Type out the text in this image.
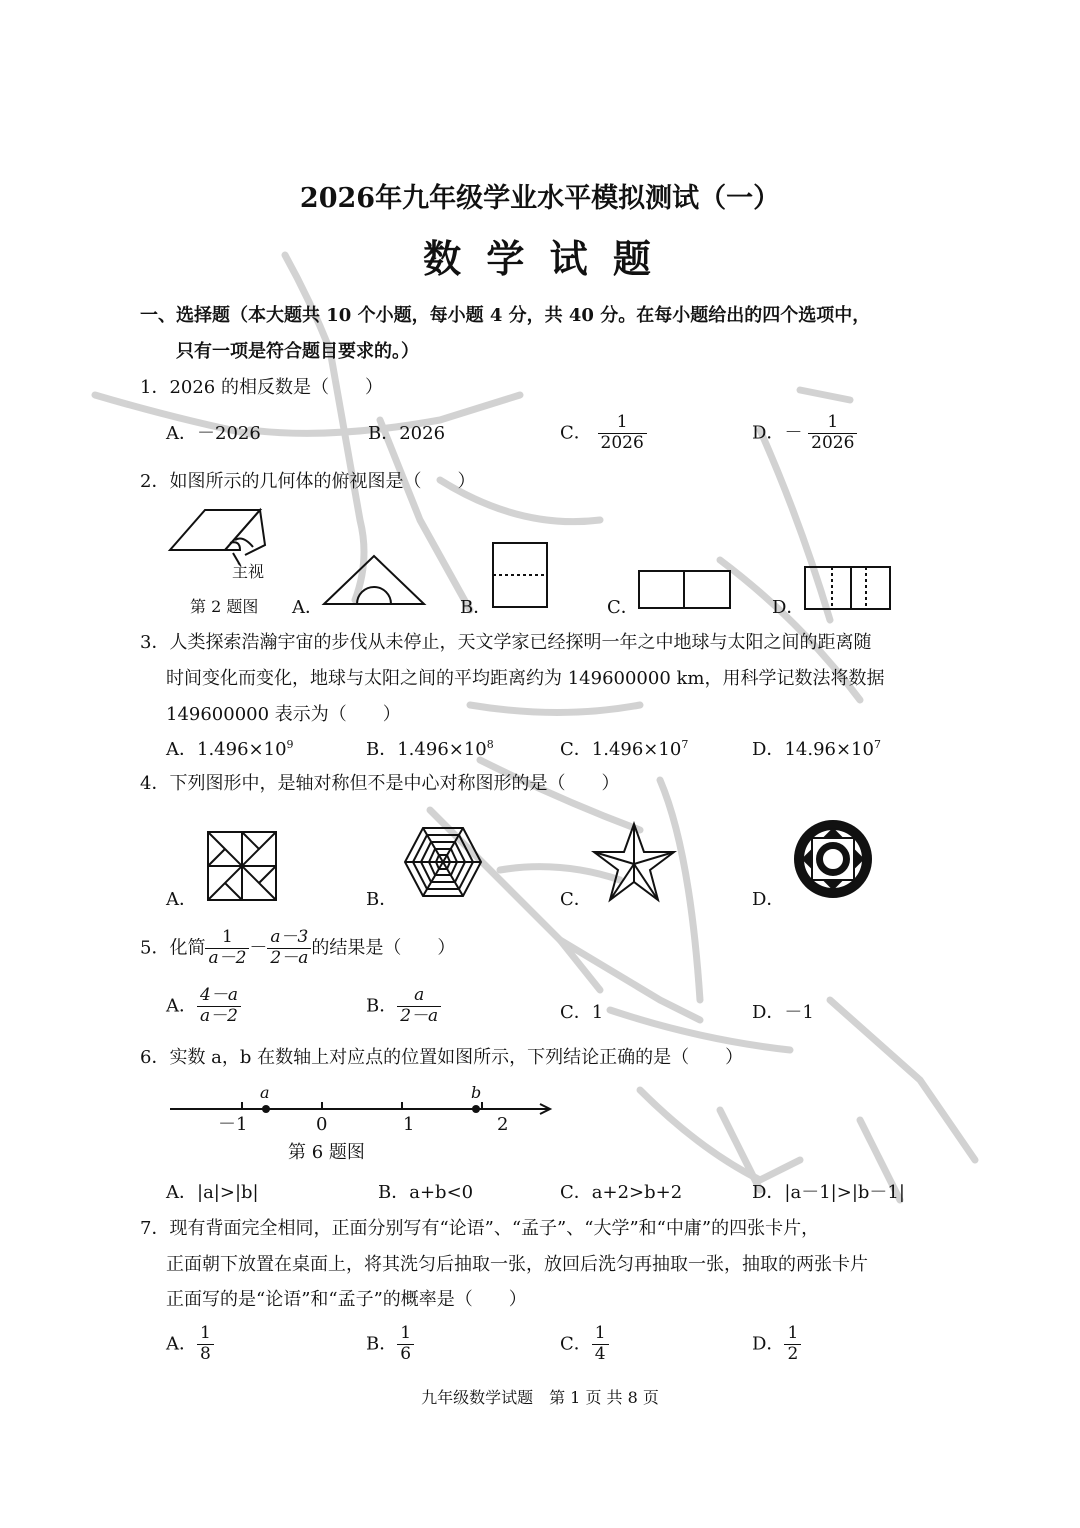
2026年九年级学业水平模拟测试（一）
数 学 试 题
一、选择题（本大题共 10 个小题，每小题 4 分，共 40 分。在每小题给出的四个选项中，
只有一项是符合题目要求的。）
1．2026 的相反数是（　　）
A．－2026	B．2026	C． $\frac{1}{2026}$	D．－ $\frac{1}{2026}$
2．如图所示的几何体的俯视图是（　　）
主视
第 2 题图 A．	B．	C．	D．
3．人类探索浩瀚宇宙的步伐从未停止，天文学家已经探明一年之中地球与太阳之间的距离随
时间变化而变化，地球与太阳之间的平均距离约为 149600000 km，用科学记数法将数据
149600000 表示为（　　）
A．$1.496\times 10^9$	B．$1.496\times 10^8$	C．$1.496\times 10^7$	D．$14.96\times 10^7$
4．下列图形中，是轴对称但不是中心对称图形的是（　　）
A．	B．	C．	D．
5．化简 $\frac{1}{a-2} - \frac{a-3}{2-a}$ 的结果是（　　）
A． $\frac{4-a}{a-2}$	B． $\frac{a}{2-a}$	C．1	D．－1
6．实数 a，b 在数轴上对应点的位置如图所示，下列结论正确的是（　　）
a	b
－1	0	1	2
第 6 题图
A．|a|>|b|	B．a+b<0	C．a+2>b+2	D．|a－1|>|b－1|
7．现有背面完全相同，正面分别写有“论语”、“孟子”、“大学”和“中庸”的四张卡片，
正面朝下放置在桌面上，将其洗匀后抽取一张，放回后洗匀再抽取一张，抽取的两张卡片
正面写的是“论语”和“孟子”的概率是（　　）
A． $\frac{1}{8}$	B． $\frac{1}{6}$	C． $\frac{1}{4}$	D． $\frac{1}{2}$
九年级数学试题　第 1 页 共 8 页
